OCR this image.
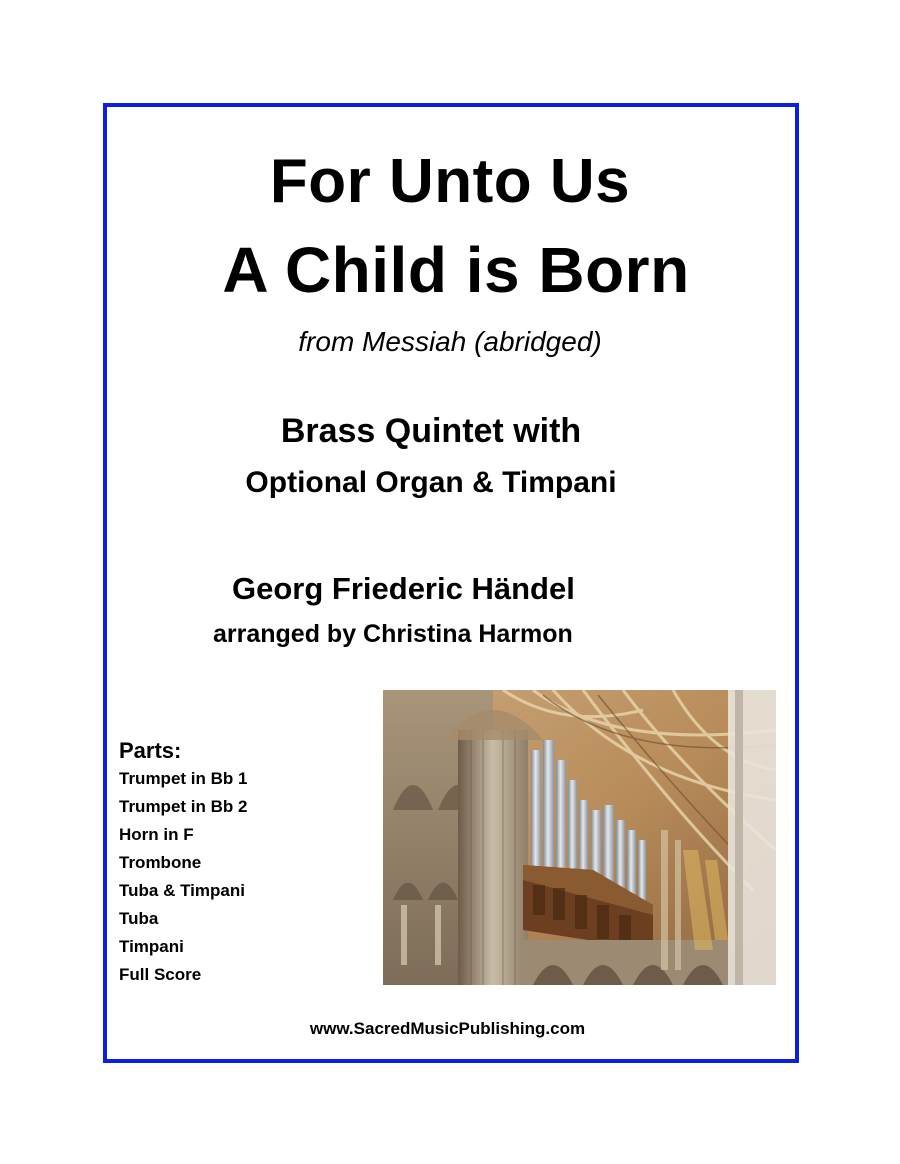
For Unto Us
A Child is Born
from Messiah (abridged)
Brass Quintet with
Optional Organ & Timpani
Georg Friederic Händel
arranged by Christina Harmon
Parts:
Trumpet in Bb 1
Trumpet in Bb 2
Horn in F
Trombone
Tuba & Timpani
Tuba
Timpani
Full Score
www.SacredMusicPublishing.com
